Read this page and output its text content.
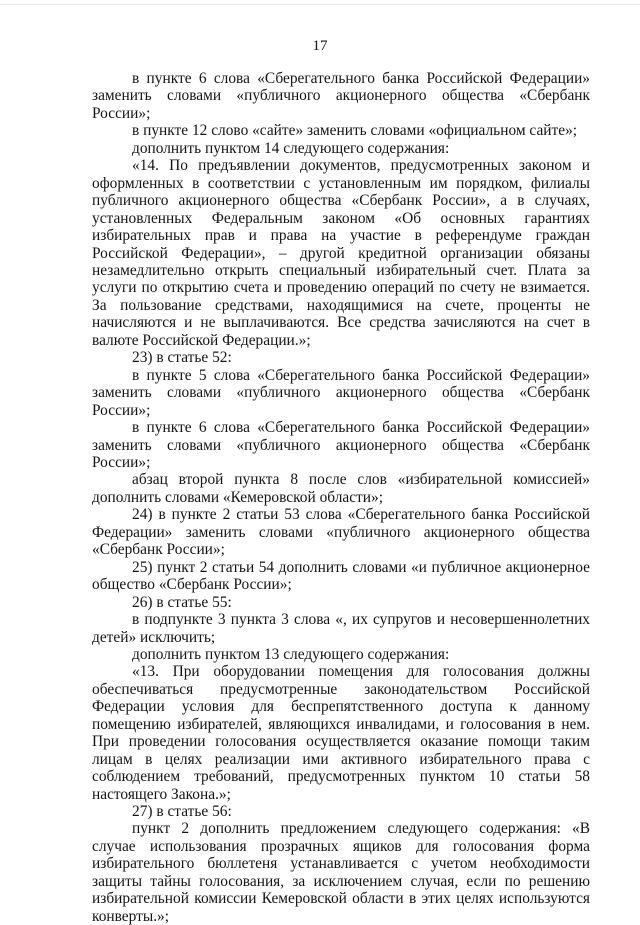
17

в пункте 6 слова «Сберегательного банка Российской Федерации» заменить словами «публичного акционерного общества «Сбербанк России»;

в пункте 12 слово «сайте» заменить словами «официальном сайте»;

дополнить пунктом 14 следующего содержания:

«14. По предъявлении документов, предусмотренных законом и оформленных в соответствии с установленным им порядком, филиалы публичного акционерного общества «Сбербанк России», а в случаях, установленных Федеральным законом «Об основных гарантиях избирательных прав и права на участие в референдуме граждан Российской Федерации», – другой кредитной организации обязаны незамедлительно открыть специальный избирательный счет. Плата за услуги по открытию счета и проведению операций по счету не взимается. За пользование средствами, находящимися на счете, проценты не начисляются и не выплачиваются. Все средства зачисляются на счет в валюте Российской Федерации.»;

23) в статье 52:

в пункте 5 слова «Сберегательного банка Российской Федерации» заменить словами «публичного акционерного общества «Сбербанк России»;

в пункте 6 слова «Сберегательного банка Российской Федерации» заменить словами «публичного акционерного общества «Сбербанк России»;

абзац второй пункта 8 после слов «избирательной комиссией» дополнить словами «Кемеровской области»;

24) в пункте 2 статьи 53 слова «Сберегательного банка Российской Федерации» заменить словами «публичного акционерного общества «Сбербанк России»;

25) пункт 2 статьи 54 дополнить словами «и публичное акционерное общество «Сбербанк России»;

26) в статье 55:

в подпункте 3 пункта 3 слова «, их супругов и несовершеннолетних детей» исключить;

дополнить пунктом 13 следующего содержания:

«13. При оборудовании помещения для голосования должны обеспечиваться предусмотренные законодательством Российской Федерации условия для беспрепятственного доступа к данному помещению избирателей, являющихся инвалидами, и голосования в нем. При проведении голосования осуществляется оказание помощи таким лицам в целях реализации ими активного избирательного права с соблюдением требований, предусмотренных пунктом 10 статьи 58 настоящего Закона.»;

27) в статье 56:

пункт 2 дополнить предложением следующего содержания: «В случае использования прозрачных ящиков для голосования форма избирательного бюллетеня устанавливается с учетом необходимости защиты тайны голосования, за исключением случая, если по решению избирательной комиссии Кемеровской области в этих целях используются конверты.»;
